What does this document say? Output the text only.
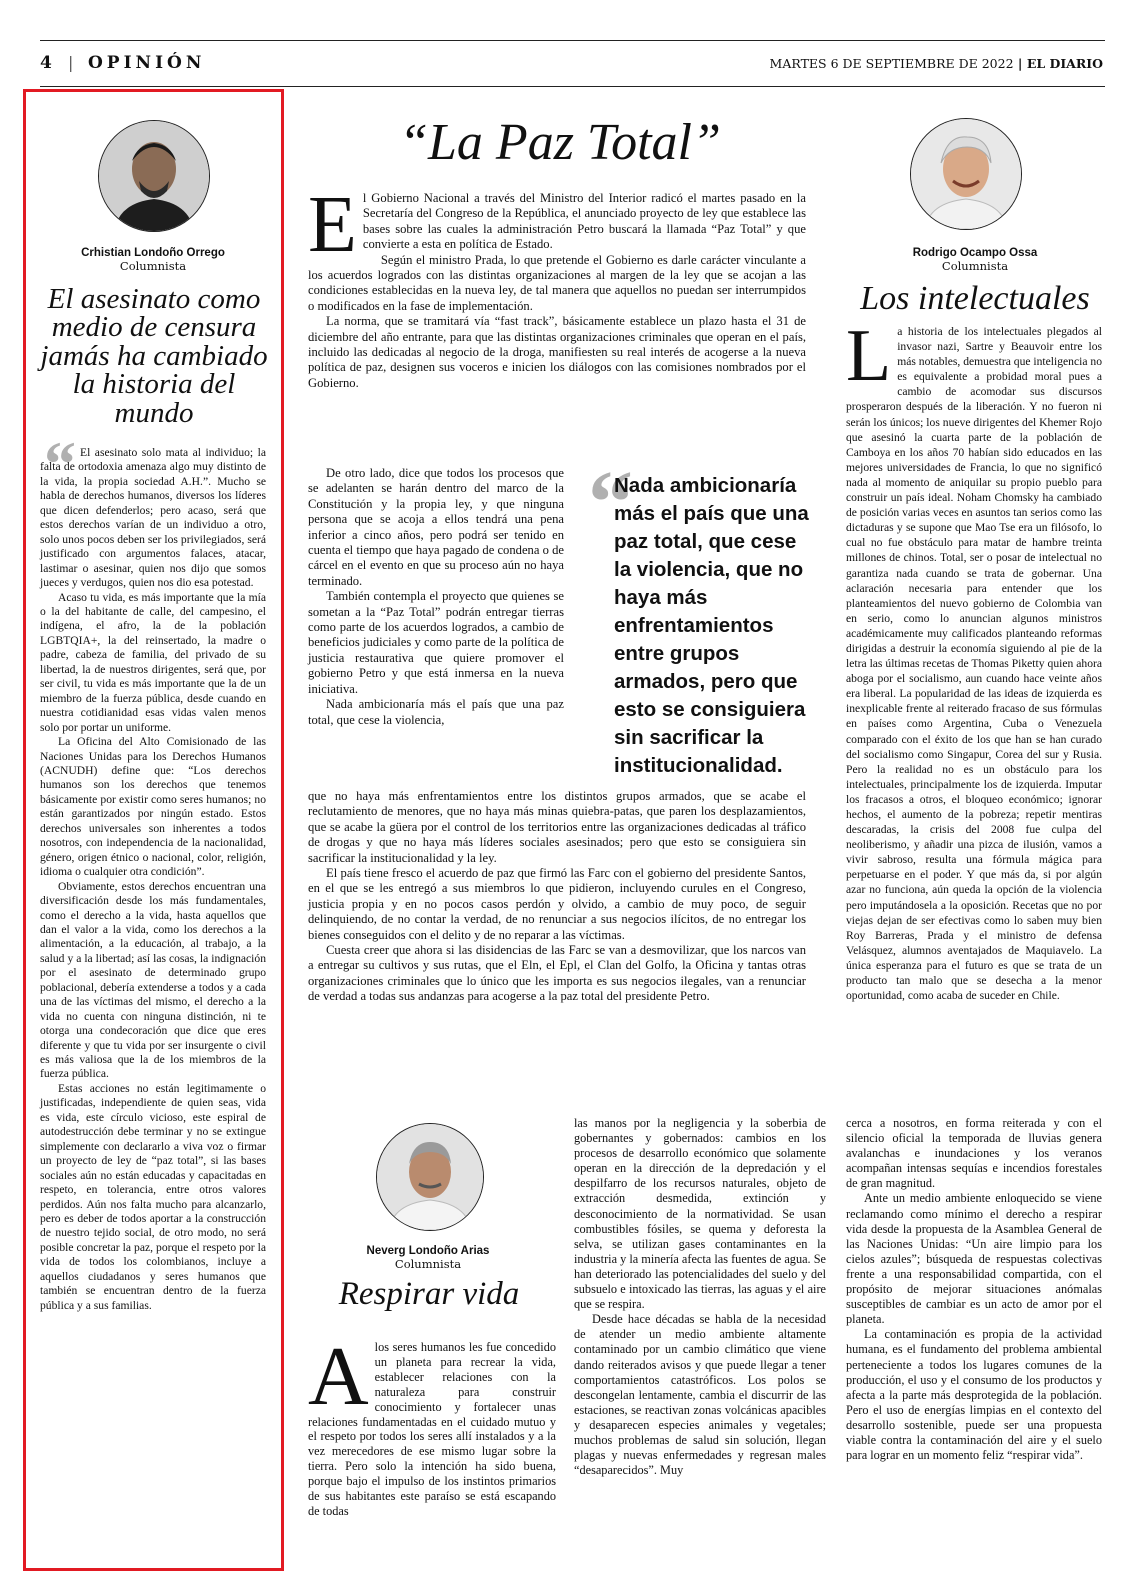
4 | OPINIÓN	MARTES 6 DE SEPTIEMBRE DE 2022 | EL DIARIO
Crhistian Londoño Orrego
Columnista
El asesinato como medio de censura jamás ha cambiado la historia del mundo
“ El asesinato solo mata al individuo; la falta de ortodoxia amenaza algo muy distinto de la vida, la propia sociedad A.H.”. Mucho se habla de derechos humanos, diversos los líderes que dicen defenderlos; pero acaso, será que estos derechos varían de un individuo a otro, solo unos pocos deben ser los privilegiados, será justificado con argumentos falaces, atacar, lastimar o asesinar, quien nos dijo que somos jueces y verdugos, quien nos dio esa potestad.

Acaso tu vida, es más importante que la mía o la del habitante de calle, del campesino, el indígena, el afro, la de la población LGBTQIA+, la del reinsertado, la madre o padre, cabeza de familia, del privado de su libertad, la de nuestros dirigentes, será que, por ser civil, tu vida es más importante que la de un miembro de la fuerza pública, desde cuando en nuestra cotidianidad esas vidas valen menos solo por portar un uniforme.

La Oficina del Alto Comisionado de las Naciones Unidas para los Derechos Humanos (ACNUDH) define que: “Los derechos humanos son los derechos que tenemos básicamente por existir como seres humanos; no están garantizados por ningún estado. Estos derechos universales son inherentes a todos nosotros, con independencia de la nacionalidad, género, origen étnico o nacional, color, religión, idioma o cualquier otra condición”.

Obviamente, estos derechos encuentran una diversificación desde los más fundamentales, como el derecho a la vida, hasta aquellos que dan el valor a la vida, como los derechos a la alimentación, a la educación, al trabajo, a la salud y a la libertad; así las cosas, la indignación por el asesinato de determinado grupo poblacional, debería extenderse a todos y a cada una de las víctimas del mismo, el derecho a la vida no cuenta con ninguna distinción, ni te otorga una condecoración que dice que eres diferente y que tu vida por ser insurgente o civil es más valiosa que la de los miembros de la fuerza pública.

Estas acciones no están legitimamente o justificadas, independiente de quien seas, vida es vida, este círculo vicioso, este espiral de autodestrucción debe terminar y no se extingue simplemente con declararlo a viva voz o firmar un proyecto de ley de “paz total”, si las bases sociales aún no están educadas y capacitadas en respeto, en tolerancia, entre otros valores perdidos. Aún nos falta mucho para alcanzarlo, pero es deber de todos aportar a la construcción de nuestro tejido social, de otro modo, no será posible concretar la paz, porque el respeto por la vida de todos los colombianos, incluye a aquellos ciudadanos y seres humanos que también se encuentran dentro de la fuerza pública y a sus familias.

“La Paz Total”

El Gobierno Nacional a través del Ministro del Interior radicó el martes pasado en la Secretaría del Congreso de la República, el anunciado proyecto de ley que establece las bases sobre las cuales la administración Petro buscará la llamada “Paz Total” y que convierte a esta en política de Estado.

Según el ministro Prada, lo que pretende el Gobierno es darle carácter vinculante a los acuerdos logrados con las distintas organizaciones al margen de la ley que se acojan a las condiciones establecidas en la nueva ley, de tal manera que aquellos no puedan ser interrumpidos o modificados en la fase de implementación.

La norma, que se tramitará vía “fast track”, básicamente establece un plazo hasta el 31 de diciembre del año entrante, para que las distintas organizaciones criminales que operan en el país, incluido las dedicadas al negocio de la droga, manifiesten su real interés de acogerse a la nueva política de paz, designen sus voceros e inicien los diálogos con las comisiones nombrados por el Gobierno.

De otro lado, dice que todos los procesos que se adelanten se harán dentro del marco de la Constitución y la propia ley, y que ninguna persona que se acoja a ellos tendrá una pena inferior a cinco años, pero podrá ser tenido en cuenta el tiempo que haya pagado de condena o de cárcel en el evento en que su proceso aún no haya terminado.

También contempla el proyecto que quienes se sometan a la “Paz Total” podrán entregar tierras como parte de los acuerdos logrados, a cambio de beneficios judiciales y como parte de la política de justicia restaurativa que quiere promover el gobierno Petro y que está inmersa en la nueva iniciativa.

Nada ambicionaría más el país que una paz total, que cese la violencia,

“
Nada ambicionaría más el país que una paz total, que cese la violencia, que no haya más enfrentamientos entre grupos armados, pero que esto se consiguiera sin sacrificar la institucionalidad.

que no haya más enfrentamientos entre los distintos grupos armados, que se acabe el reclutamiento de menores, que no haya más minas quiebra-patas, que paren los desplazamientos, que se acabe la güera por el control de los territorios entre las organizaciones dedicadas al tráfico de drogas y que no haya más líderes sociales asesinados; pero que esto se consiguiera sin sacrificar la institucionalidad y la ley.

El país tiene fresco el acuerdo de paz que firmó las Farc con el gobierno del presidente Santos, en el que se les entregó a sus miembros lo que pidieron, incluyendo curules en el Congreso, justicia propia y en no pocos casos perdón y olvido, a cambio de muy poco, de seguir delinquiendo, de no contar la verdad, de no renunciar a sus negocios ilícitos, de no entregar los bienes conseguidos con el delito y de no reparar a las víctimas.

Cuesta creer que ahora si las disidencias de las Farc se van a desmovilizar, que los narcos van a entregar su cultivos y sus rutas, que el Eln, el Epl, el Clan del Golfo, la Oficina y tantas otras organizaciones criminales que lo único que les importa es sus negocios ilegales, van a renunciar de verdad a todas sus andanzas para acogerse a la paz total del presidente Petro.

Rodrigo Ocampo Ossa
Columnista
Los intelectuales

La historia de los intelectuales plegados al invasor nazi, Sartre y Beauvoir entre los más notables, demuestra que inteligencia no es equivalente a probidad moral pues a cambio de acomodar sus discursos prosperaron después de la liberación. Y no fueron ni serán los únicos; los nueve dirigentes del Khemer Rojo que asesinó la cuarta parte de la población de Camboya en los años 70 habían sido educados en las mejores universidades de Francia, lo que no significó nada al momento de aniquilar su propio pueblo para construir un país ideal. Noham Chomsky ha cambiado de posición varias veces en asuntos tan serios como las dictaduras y se supone que Mao Tse era un filósofo, lo cual no fue obstáculo para matar de hambre treinta millones de chinos. Total, ser o posar de intelectual no garantiza nada cuando se trata de gobernar. Una aclaración necesaria para entender que los planteamientos del nuevo gobierno de Colombia van en serio, como lo anuncian algunos ministros académicamente muy calificados planteando reformas dirigidas a destruir la economía siguiendo al pie de la letra las últimas recetas de Thomas Piketty quien ahora aboga por el socialismo, aun cuando hace veinte años era liberal. La popularidad de las ideas de izquierda es inexplicable frente al reiterado fracaso de sus fórmulas en países como Argentina, Cuba o Venezuela comparado con el éxito de los que han se han curado del socialismo como Singapur, Corea del sur y Rusia. Pero la realidad no es un obstáculo para los intelectuales, principalmente los de izquierda. Imputar los fracasos a otros, el bloqueo económico; ignorar hechos, el aumento de la pobreza; repetir mentiras descaradas, la crisis del 2008 fue culpa del neoliberismo, y añadir una pizca de ilusión, vamos a vivir sabroso, resulta una fórmula mágica para perpetuarse en el poder. Y que más da, si por algún azar no funciona, aún queda la opción de la violencia pero imputándosela a la oposición. Recetas que no por viejas dejan de ser efectivas como lo saben muy bien Roy Barreras, Prada y el ministro de defensa Velásquez, alumnos aventajados de Maquiavelo. La única esperanza para el futuro es que se trata de un producto tan malo que se desecha a la menor oportunidad, como acaba de suceder en Chile.

Neverg Londoño Arias
Columnista
Respirar vida

Alos seres humanos les fue concedido un planeta para recrear la vida, establecer relaciones con la naturaleza para construir conocimiento y fortalecer unas relaciones fundamentadas en el cuidado mutuo y el respeto por todos los seres allí instalados y a la vez merecedores de ese mismo lugar sobre la tierra. Pero solo la intención ha sido buena, porque bajo el impulso de los instintos primarios de sus habitantes este paraíso se está escapando de todas

las manos por la negligencia y la soberbia de gobernantes y gobernados: cambios en los procesos de desarrollo económico que solamente operan en la dirección de la depredación y el despilfarro de los recursos naturales, objeto de extracción desmedida, extinción y desconocimiento de la normatividad. Se usan combustibles fósiles, se quema y deforesta la selva, se utilizan gases contaminantes en la industria y la minería afecta las fuentes de agua. Se han deteriorado las potencialidades del suelo y del subsuelo e intoxicado las tierras, las aguas y el aire que se respira.

Desde hace décadas se habla de la necesidad de atender un medio ambiente altamente contaminado por un cambio climático que viene dando reiterados avisos y que puede llegar a tener comportamientos catastróficos. Los polos se descongelan lentamente, cambia el discurrir de las estaciones, se reactivan zonas volcánicas apacibles y desaparecen especies animales y vegetales; muchos problemas de salud sin solución, llegan plagas y nuevas enfermedades y regresan males “desaparecidos”. Muy

cerca a nosotros, en forma reiterada y con el silencio oficial la temporada de lluvias genera avalanchas e inundaciones y los veranos acompañan intensas sequías e incendios forestales de gran magnitud.

Ante un medio ambiente enloquecido se viene reclamando como mínimo el derecho a respirar vida desde la propuesta de la Asamblea General de las Naciones Unidas: “Un aire limpio para los cielos azules”; búsqueda de respuestas colectivas frente a una responsabilidad compartida, con el propósito de mejorar situaciones anómalas susceptibles de cambiar es un acto de amor por el planeta.

La contaminación es propia de la actividad humana, es el fundamento del problema ambiental perteneciente a todos los lugares comunes de la producción, el uso y el consumo de los productos y afecta a la parte más desprotegida de la población. Pero el uso de energías limpias en el contexto del desarrollo sostenible, puede ser una propuesta viable contra la contaminación del aire y el suelo para lograr en un momento feliz “respirar vida”.
